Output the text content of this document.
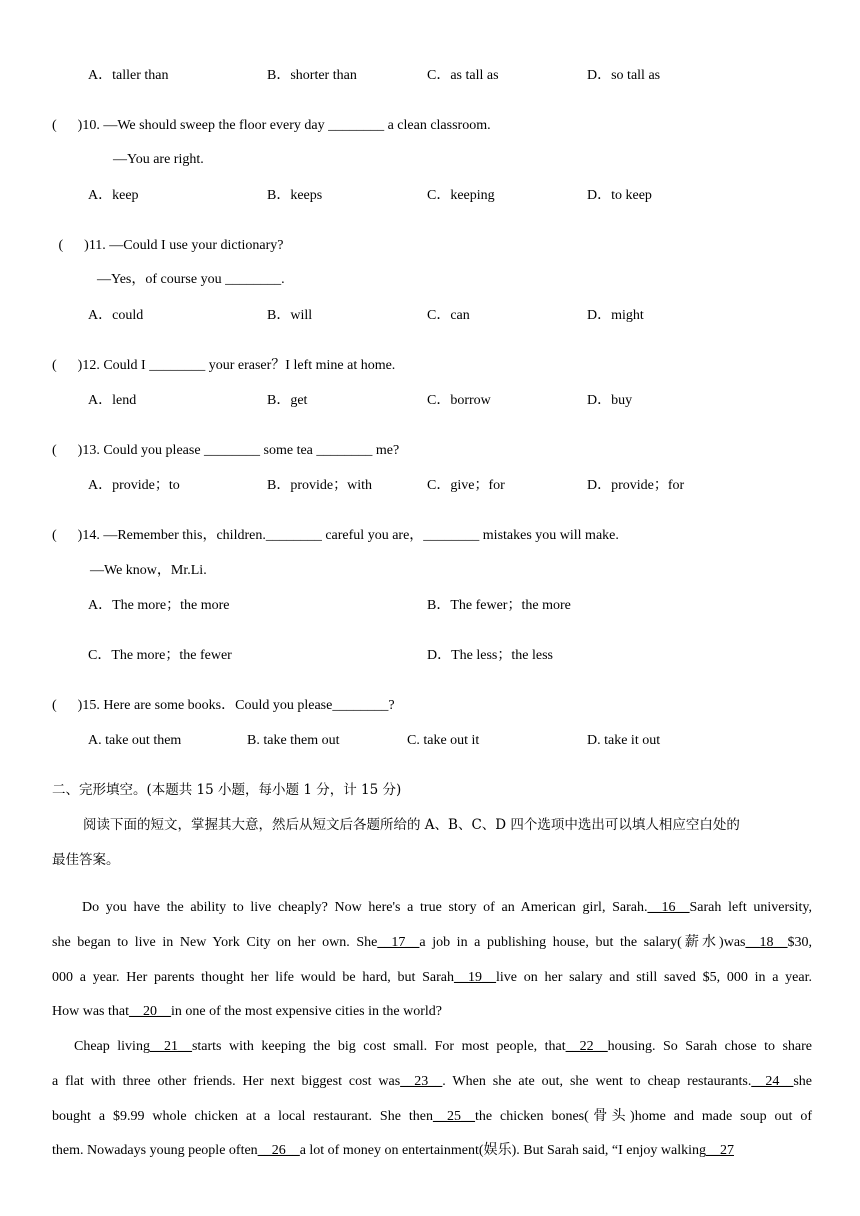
A．taller than	B．shorter than	C．as tall as	D．so tall as
(      )10. —We should sweep the floor every day ________ a clean classroom.
—You are right.
A．keep	B．keeps	C．keeping	D．to keep
(      )11. —Could I use your dictionary?
—Yes，of course you ________.
A．could	B．will	C．can	D．might
(      )12. Could I ________ your eraser？I left mine at home.
A．lend	B．get	C．borrow	D．buy
(      )13. Could you please ________ some tea ________ me?
A．provide；to	B．provide；with	C．give；for	D．provide；for
(      )14. —Remember this，children.________ careful you are，________ mistakes you will make.
—We know，Mr.Li.
A．The more；the more	B．The fewer；the more
C．The more；the fewer	D．The less；the less
(      )15. Here are some books．Could you please________?
A. take out them	B. take them out	C. take out it	D. take it out
二、完形填空。(本题共 15 小题，每小题 1 分，计 15 分)
阅读下面的短文，掌握其大意，然后从短文后各题所给的 A、B、C、D 四个选项中选出可以填人相应空白处的
最佳答案。
Do you have the ability to live cheaply? Now here's a true story of an American girl, Sarah.__16__Sarah left university,
she began to live in New York City on her own. She__17__a job in a publishing house, but the salary(薪水)was__18__$30,
000 a year. Her parents thought her life would be hard, but Sarah__19__live on her salary and still saved $5, 000 in a year.
How was that__20__in one of the most expensive cities in the world?
Cheap living__21__starts with keeping the big cost small. For most people, that__22__housing. So Sarah chose to share
a flat with three other friends. Her next biggest cost was__23__. When she ate out, she went to cheap restaurants.__24__she
bought a $9.99 whole chicken at a local restaurant. She then__25__the chicken bones(骨头)home and made soup out of
them. Nowadays young people often__26__a lot of money on entertainment(娱乐). But Sarah said, “I enjoy walking__27
